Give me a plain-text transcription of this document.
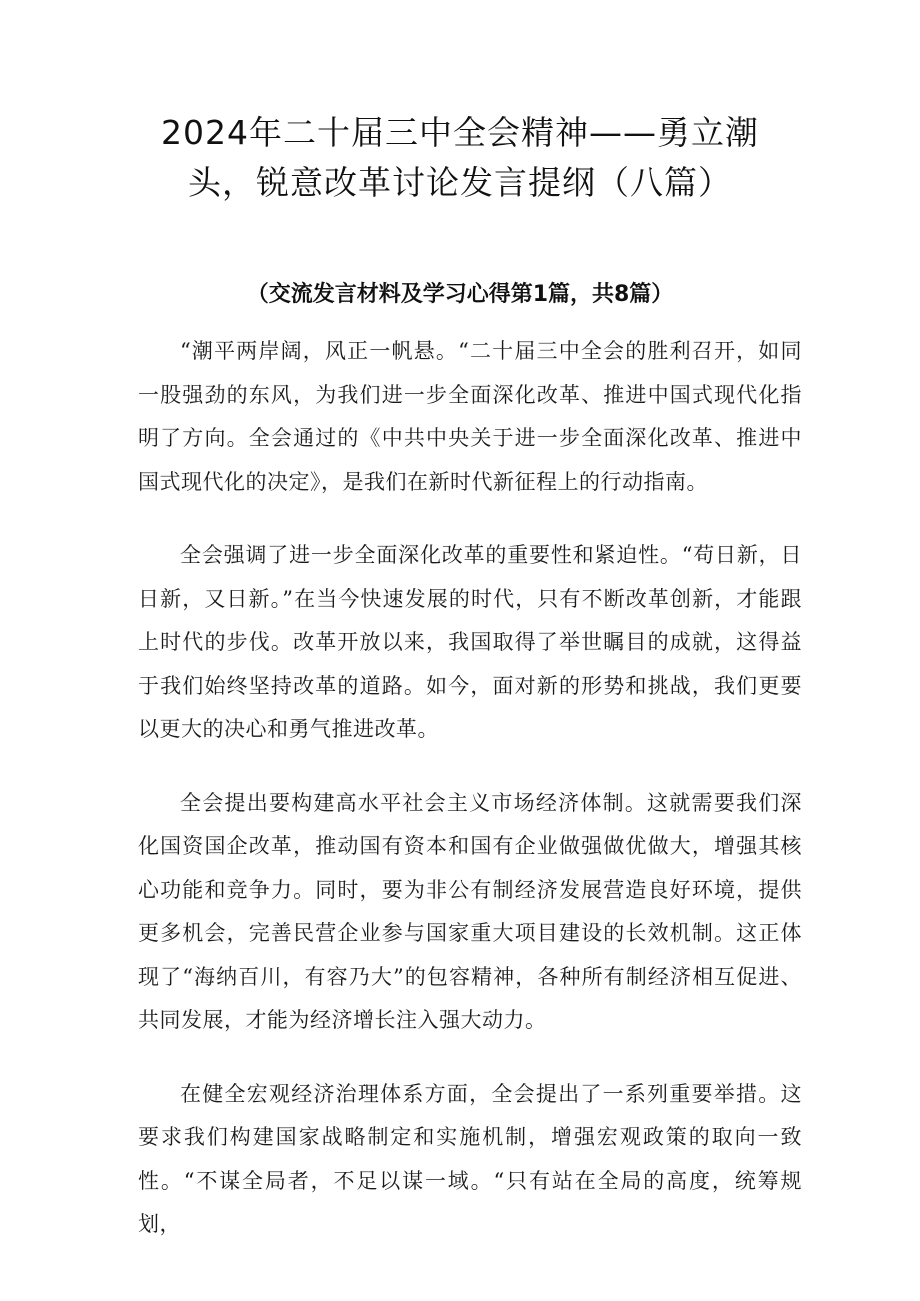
2024年二十届三中全会精神——勇立潮头，锐意改革讨论发言提纲（八篇）
（交流发言材料及学习心得第1篇，共8篇）

“潮平两岸阔，风正一帆悬。“二十届三中全会的胜利召开，如同一股强劲的东风，为我们进一步全面深化改革、推进中国式现代化指明了方向。全会通过的《中共中央关于进一步全面深化改革、推进中国式现代化的决定》，是我们在新时代新征程上的行动指南。

全会强调了进一步全面深化改革的重要性和紧迫性。“苟日新，日日新，又日新。”在当今快速发展的时代，只有不断改革创新，才能跟上时代的步伐。改革开放以来，我国取得了举世瞩目的成就，这得益于我们始终坚持改革的道路。如今，面对新的形势和挑战，我们更要以更大的决心和勇气推进改革。

全会提出要构建高水平社会主义市场经济体制。这就需要我们深化国资国企改革，推动国有资本和国有企业做强做优做大，增强其核心功能和竞争力。同时，要为非公有制经济发展营造良好环境，提供更多机会，完善民营企业参与国家重大项目建设的长效机制。这正体现了“海纳百川，有容乃大”的包容精神，各种所有制经济相互促进、共同发展，才能为经济增长注入强大动力。

在健全宏观经济治理体系方面，全会提出了一系列重要举措。这要求我们构建国家战略制定和实施机制，增强宏观政策的取向一致性。“不谋全局者，不足以谋一域。“只有站在全局的高度，统筹规划，
